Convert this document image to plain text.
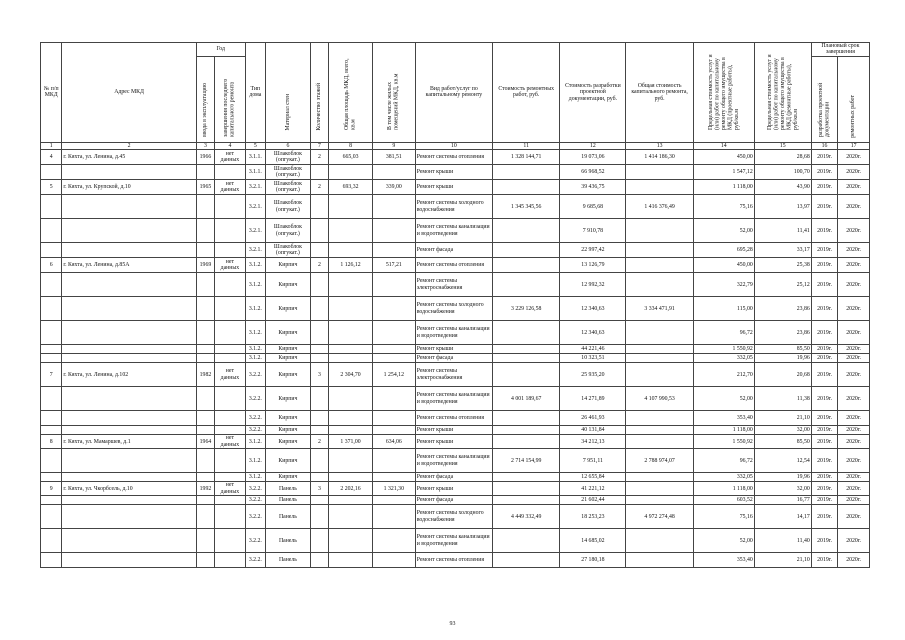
№ п/п МКД	Адрес МКД	Год		Тип дома	Материал стен	Количество этажей	Общая площадь МКД, всего, кв.м	В том числе жилых помещений МКД, кв.м	Вид работ/услуг по капитальному ремонту	Стоимость ремонтных работ, руб.	Стоимость разработки проектной документации, руб.	Общая стоимость капитального ремонта, руб.	Предельная стоимость услуг и (или) работ по капитальному ремонту общего имущества в МКД (проектные работы), руб/кв.м	Предельная стоимость услуг и (или) работ по капитальному ремонту общего имущества в МКД (ремонтные работы), руб/кв.м	Плановый срок завершения	

		ввода в эксплуатацию	завершения последнего капитального ремонта												разработка проектной документации	ремонтных работ

1	2	3	4	5	6	7	8	9	10	11	12	13	14	15	16	17
4	г. Кяхта, ул. Ленина, д.45	1966	нет данных	3.1.1.	Шлакоблок (опгукат.)	2	665,03	381,51	Ремонт системы отопления	1 328 144,71	19 073,06	1 414 186,30	450,00	28,68	2019г.	2020г.
				3.1.1.	Шлакоблок (опгукат.)				Ремонт крыши		66 968,52		1 547,12	100,70	2019г.	2020г.
5	г. Кяхта, ул. Крупской, д.10	1965	нет данных	3.2.1.	Шлакоблок (опгукат.)	2	693,32	339,00	Ремонт крыши		39 436,75		1 118,00	43,90	2019г.	2020г.
				3.2.1.	Шлакоблок (опгукат.)				Ремонт системы холодного водоснабжения	1 345 345,56	9 685,68	1 416 376,49	75,16	13,97	2019г.	2020г.
				3.2.1.	Шлакоблок (опгукат.)				Ремонт системы канализации и водоотведения		7 910,78		52,00	11,41	2019г.	2020г.
				3.2.1.	Шлакоблок (опгукат.)				Ремонт фасада		22 997,42		695,28	33,17	2019г.	2020г.
6	г. Кяхта, ул. Ленина, д.85А	1969	нет данных	3.1.2.	Кирпич	2	1 126,12	517,21	Ремонт системы отопления		13 126,79		450,00	25,38	2019г.	2020г.
				3.1.2.	Кирпич				Ремонт системы электроснабжения		12 992,32		322,79	25,12	2019г.	2020г.
				3.1.2.	Кирпич				Ремонт системы холодного водоснабжения	3 229 126,58	12 340,63	3 334 471,91	115,00	23,86	2019г.	2020г.
				3.1.2.	Кирпич				Ремонт системы канализации и водоотведения		12 340,63		96,72	23,86	2019г.	2020г.
				3.1.2.	Кирпич				Ремонт крыши		44 221,46		1 550,92	85,50	2019г.	2020г.
				3.1.2.	Кирпич				Ремонт фасада		10 323,51		332,05	19,96	2019г.	2020г.
7	г. Кяхта, ул. Ленина, д.102	1982	нет данных	3.2.2.	Кирпич	3	2 304,70	1 254,12	Ремонт системы электроснабжения		25 935,20		212,70	20,68	2019г.	2020г.
				3.2.2.	Кирпич				Ремонт системы канализации и водоотведения	4 001 189,67	14 271,89	4 107 990,53	52,00	11,38	2019г.	2020г.
				3.2.2.	Кирпич				Ремонт системы отопления		26 461,93		353,40	21,10	2019г.	2020г.
				3.2.2.	Кирпич				Ремонт крыши		40 131,84		1 118,00	32,00	2019г.	2020г.
8	г. Кяхта, ул. Мамаршев, д.1	1964	нет данных	3.1.2.	Кирпич	2	1 371,00	634,06	Ремонт крыши		34 212,13		1 550,92	85,50	2019г.	2020г.
				3.1.2.	Кирпич				Ремонт системы канализации и водоотведения	2 714 154,99	7 951,11	2 788 974,07	96,72	12,54	2019г.	2020г.
				3.1.2.	Кирпич				Ремонт фасада		12 655,84		332,05	19,96	2019г.	2020г.
9	г. Кяхта, ул. Чкорбсель, д.10	1992	нет данных	3.2.2.	Панель	3	2 202,16	1 321,30	Ремонт крыши		41 221,12		1 118,00	32,00	2019г.	2020г.
				3.2.2.	Панель				Ремонт фасада		21 602,44		603,52	16,77	2019г.	2020г.
				3.2.2.	Панель				Ремонт системы холодного водоснабжения	4 449 332,49	18 253,23	4 972 274,48	75,16	14,17	2019г.	2020г.
				3.2.2.	Панель				Ремонт системы канализации и водоотведения		14 685,02		52,00	11,40	2019г.	2020г.
				3.2.2.	Панель				Ремонт системы отопления		27 180,18		353,40	21,10	2019г.	2020г.
93
